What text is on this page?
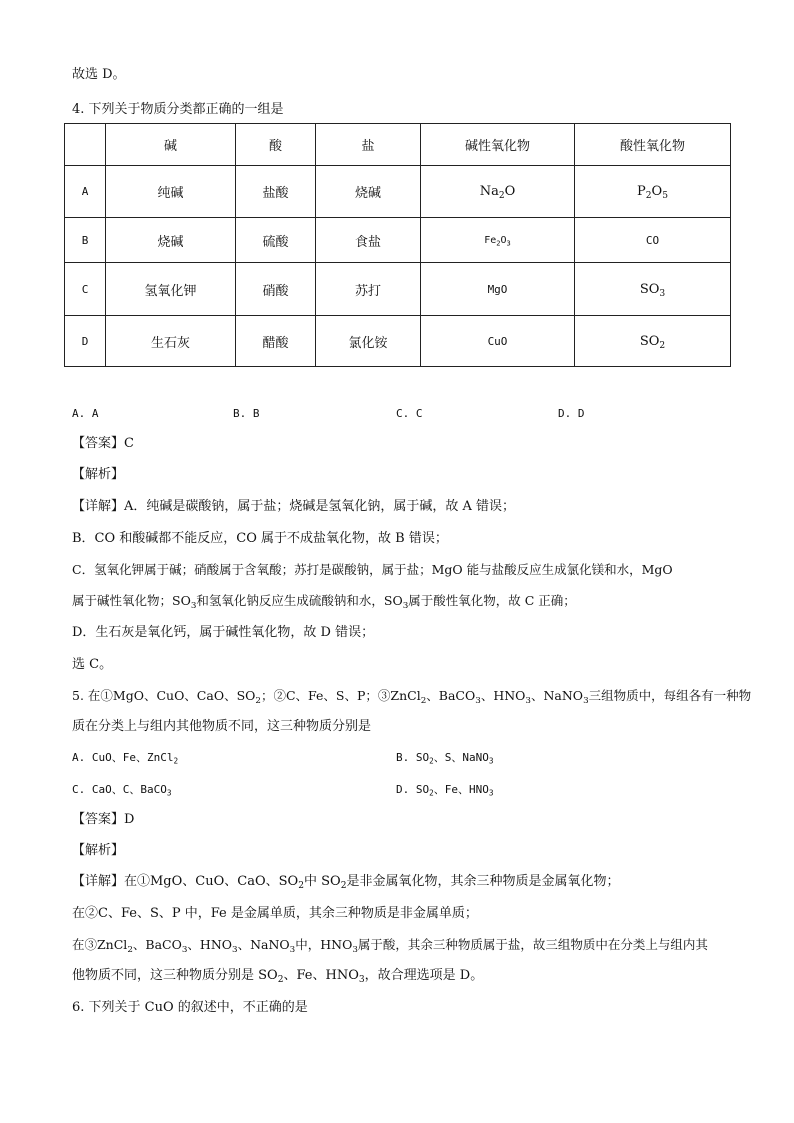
故选 D。
4. 下列关于物质分类都正确的一组是
	碱	酸	盐	碱性氧化物	酸性氧化物
A	纯碱	盐酸	烧碱	$Na_2O$	$P_2O_5$
B	烧碱	硫酸	食盐	$Fe_2O_3$	CO
C	氢氧化钾	硝酸	苏打	MgO	$SO_3$
D	生石灰	醋酸	氯化铵	CuO	$SO_2$
A. A	B. B	C. C	D. D
【答案】C
【解析】
【详解】A．纯碱是碳酸钠，属于盐；烧碱是氢氧化钠，属于碱，故 A 错误；
B．CO 和酸碱都不能反应，CO 属于不成盐氧化物，故 B 错误；
C．氢氧化钾属于碱；硝酸属于含氧酸；苏打是碳酸钠，属于盐；MgO 能与盐酸反应生成氯化镁和水，MgO
属于碱性氧化物；$SO_3$和氢氧化钠反应生成硫酸钠和水，$SO_3$属于酸性氧化物，故 C 正确；
D．生石灰是氧化钙，属于碱性氧化物，故 D 错误；
选 C。
5. 在①MgO、CuO、CaO、$SO_2$；②C、Fe、S、P；③ZnCl$_2$、BaCO$_3$、$HNO_3$、NaNO$_3$三组物质中，每组各有一种物
质在分类上与组内其他物质不同，这三种物质分别是
A. CuO、Fe、ZnCl$_2$	B. $SO_2$、S、NaNO$_3$
C. CaO、C、BaCO$_3$	D. $SO_2$、Fe、$HNO_3$
【答案】D
【解析】
【详解】在①MgO、CuO、CaO、$SO_2$中 $SO_2$是非金属氧化物，其余三种物质是金属氧化物；
在②C、Fe、S、P 中，Fe 是金属单质，其余三种物质是非金属单质；
在③ZnCl$_2$、BaCO$_3$、$HNO_3$、NaNO$_3$中，$HNO_3$属于酸，其余三种物质属于盐，故三组物质中在分类上与组内其
他物质不同，这三种物质分别是 $SO_2$、Fe、$HNO_3$，故合理选项是 D。
6. 下列关于 CuO 的叙述中，不正确的是
